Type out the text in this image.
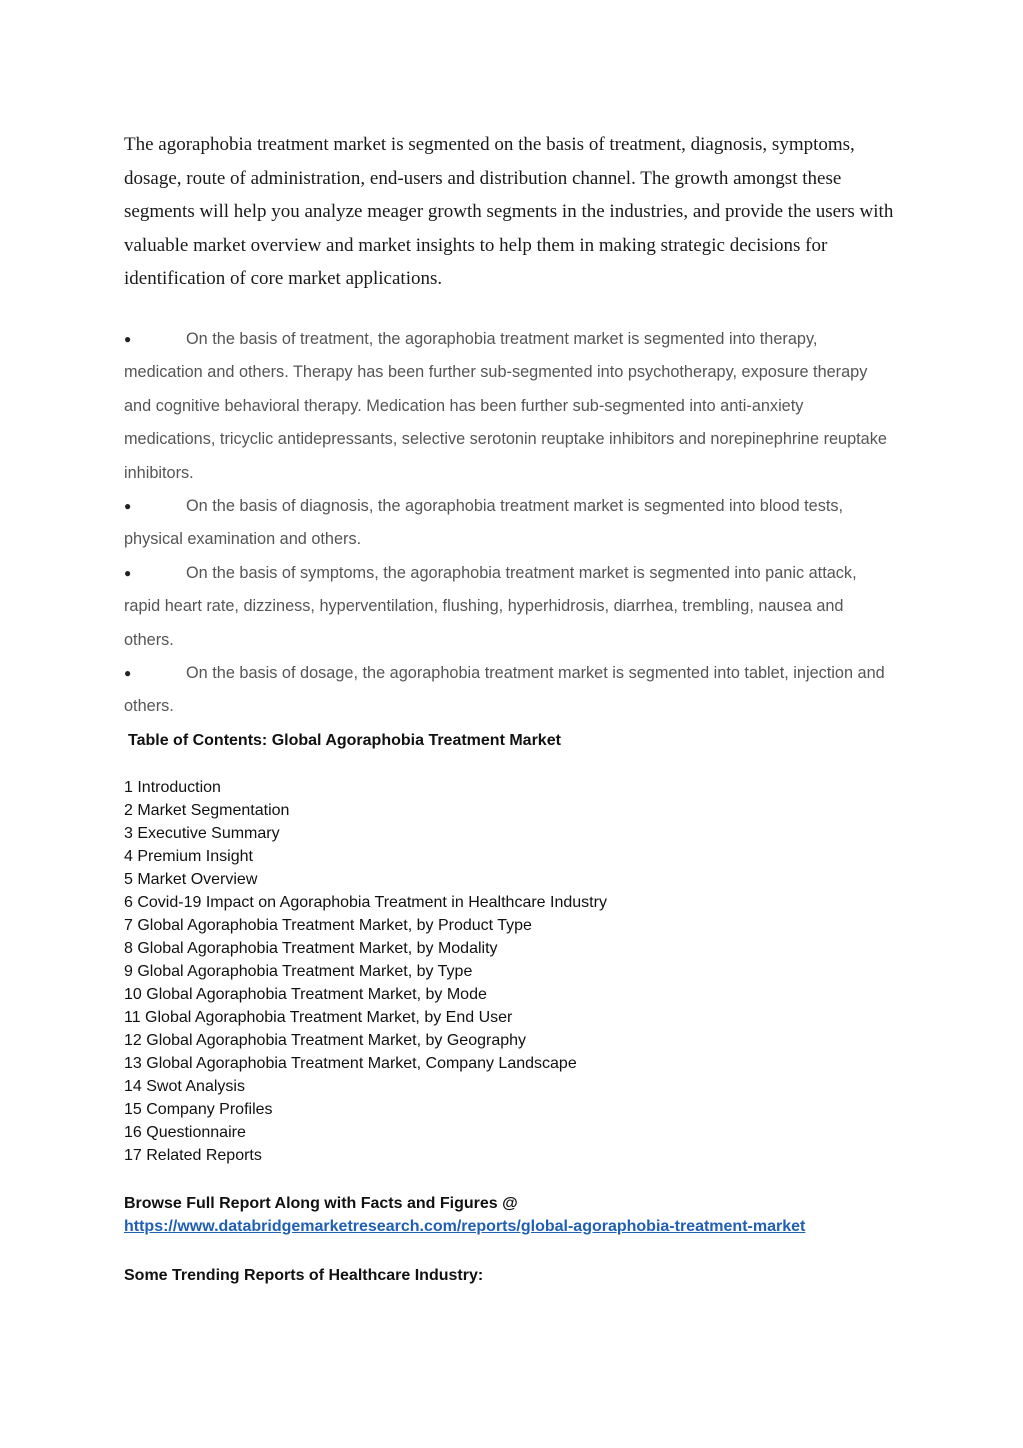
The agoraphobia treatment market is segmented on the basis of treatment, diagnosis, symptoms, dosage, route of administration, end-users and distribution channel. The growth amongst these segments will help you analyze meager growth segments in the industries, and provide the users with valuable market overview and market insights to help them in making strategic decisions for identification of core market applications.

●	On the basis of treatment, the agoraphobia treatment market is segmented into therapy, medication and others. Therapy has been further sub-segmented into psychotherapy, exposure therapy and cognitive behavioral therapy. Medication has been further sub-segmented into anti-anxiety medications, tricyclic antidepressants, selective serotonin reuptake inhibitors and norepinephrine reuptake inhibitors.
●	On the basis of diagnosis, the agoraphobia treatment market is segmented into blood tests, physical examination and others.
●	On the basis of symptoms, the agoraphobia treatment market is segmented into panic attack, rapid heart rate, dizziness, hyperventilation, flushing, hyperhidrosis, diarrhea, trembling, nausea and others.
●	On the basis of dosage, the agoraphobia treatment market is segmented into tablet, injection and others.
Table of Contents: Global Agoraphobia Treatment Market
1 Introduction
2 Market Segmentation
3 Executive Summary
4 Premium Insight
5 Market Overview
6 Covid-19 Impact on Agoraphobia Treatment in Healthcare Industry
7 Global Agoraphobia Treatment Market, by Product Type
8 Global Agoraphobia Treatment Market, by Modality
9 Global Agoraphobia Treatment Market, by Type
10 Global Agoraphobia Treatment Market, by Mode
11 Global Agoraphobia Treatment Market, by End User
12 Global Agoraphobia Treatment Market, by Geography
13 Global Agoraphobia Treatment Market, Company Landscape
14 Swot Analysis
15 Company Profiles
16 Questionnaire
17 Related Reports

Browse Full Report Along with Facts and Figures @

https://www.databridgemarketresearch.com/reports/global-agoraphobia-treatment-market

Some Trending Reports of Healthcare Industry:
